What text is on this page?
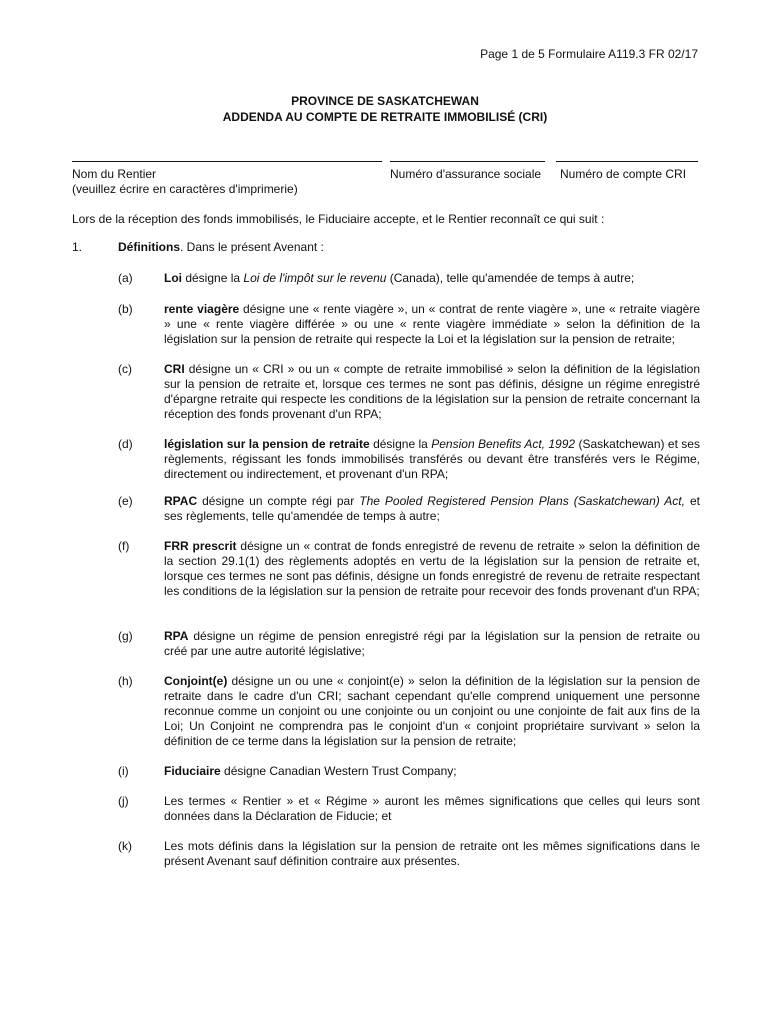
Page 1 de 5 Formulaire A119.3 FR 02/17
PROVINCE DE SASKATCHEWAN
ADDENDA AU COMPTE DE RETRAITE IMMOBILISÉ (CRI)
Nom du Rentier
(veuillez écrire en caractères d'imprimerie)
Numéro d'assurance sociale Numéro de compte CRI
Lors de la réception des fonds immobilisés, le Fiduciaire accepte, et le Rentier reconnaît ce qui suit :
1.	Définitions. Dans le présent Avenant :
(a)	Loi désigne la Loi de l'impôt sur le revenu (Canada), telle qu'amendée de temps à autre;
(b)	rente viagère désigne une « rente viagère », un « contrat de rente viagère », une « retraite viagère » une « rente viagère différée » ou une « rente viagère immédiate » selon la définition de la législation sur la pension de retraite qui respecte la Loi et la législation sur la pension de retraite;
(c)	CRI désigne un « CRI » ou un « compte de retraite immobilisé » selon la définition de la législation sur la pension de retraite et, lorsque ces termes ne sont pas définis, désigne un régime enregistré d'épargne retraite qui respecte les conditions de la législation sur la pension de retraite concernant la réception des fonds provenant d'un RPA;
(d)	législation sur la pension de retraite désigne la Pension Benefits Act, 1992 (Saskatchewan) et ses règlements, régissant les fonds immobilisés transférés ou devant être transférés vers le Régime, directement ou indirectement, et provenant d'un RPA;
(e)	RPAC désigne un compte régi par The Pooled Registered Pension Plans (Saskatchewan) Act, et ses règlements, telle qu'amendée de temps à autre;
(f)	FRR prescrit désigne un « contrat de fonds enregistré de revenu de retraite » selon la définition de la section 29.1(1) des règlements adoptés en vertu de la législation sur la pension de retraite et, lorsque ces termes ne sont pas définis, désigne un fonds enregistré de revenu de retraite respectant les conditions de la législation sur la pension de retraite pour recevoir des fonds provenant d'un RPA;
(g)	RPA désigne un régime de pension enregistré régi par la législation sur la pension de retraite ou créé par une autre autorité législative;
(h)	Conjoint(e) désigne un ou une « conjoint(e) » selon la définition de la législation sur la pension de retraite dans le cadre d'un CRI; sachant cependant qu'elle comprend uniquement une personne reconnue comme un conjoint ou une conjointe ou un conjoint ou une conjointe de fait aux fins de la Loi; Un Conjoint ne comprendra pas le conjoint d'un « conjoint propriétaire survivant » selon la définition de ce terme dans la législation sur la pension de retraite;
(i)	Fiduciaire désigne Canadian Western Trust Company;
(j)	Les termes « Rentier » et « Régime » auront les mêmes significations que celles qui leurs sont données dans la Déclaration de Fiducie; et
(k)	Les mots définis dans la législation sur la pension de retraite ont les mêmes significations dans le présent Avenant sauf définition contraire aux présentes.
